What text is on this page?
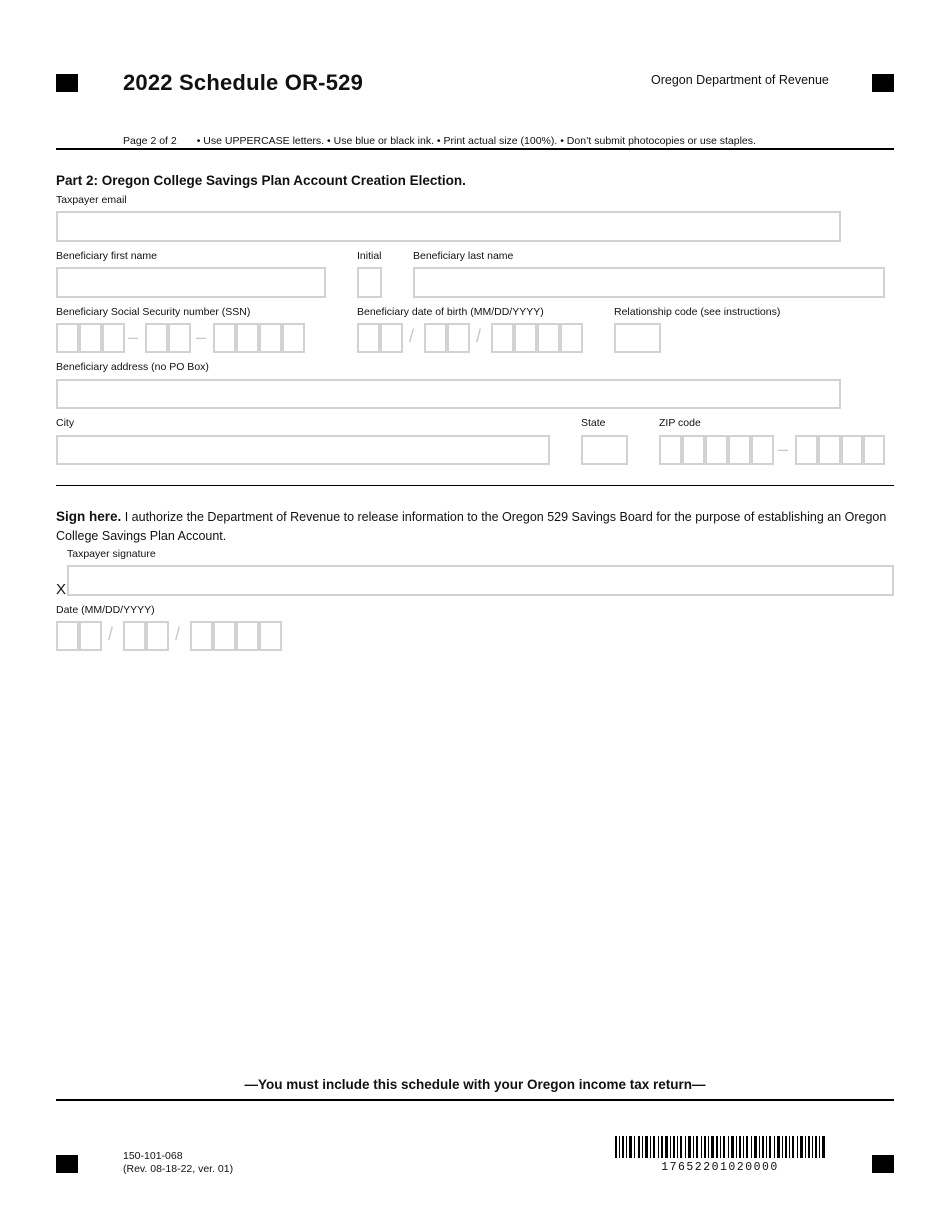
2022 Schedule OR-529	Oregon Department of Revenue
Page 2 of 2 • Use UPPERCASE letters. • Use blue or black ink. • Print actual size (100%). • Don’t submit photocopies or use staples.
Part 2: Oregon College Savings Plan Account Creation Election.
Taxpayer email
Beneficiary first name	Initial	Beneficiary last name
Beneficiary Social Security number (SSN)	Beneficiary date of birth (MM/DD/YYYY)	Relationship code (see instructions)
–	–	/	/
Beneficiary address (no PO Box)
City	State	ZIP code
–
Sign here. I authorize the Department of Revenue to release information to the Oregon 529 Savings Board for the purpose of establishing an Oregon College Savings Plan Account.
Taxpayer signature
X
Date (MM/DD/YYYY)
/	/
—You must include this schedule with your Oregon income tax return—
150-101-068
(Rev. 08-18-22, ver. 01)	17652201020000
